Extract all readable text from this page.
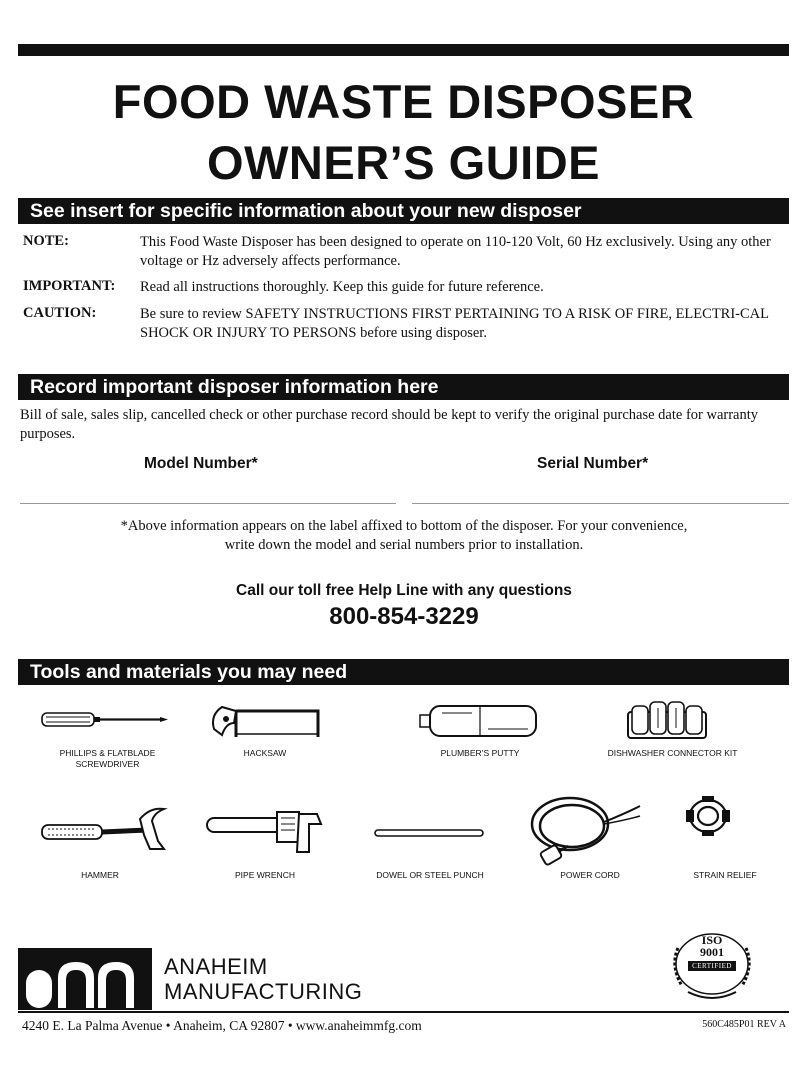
FOOD WASTE DISPOSER
OWNER’S GUIDE
See insert for specific information about your new disposer
NOTE:	This Food Waste Disposer has been designed to operate on 110-120 Volt, 60 Hz exclusively. Using any other voltage or Hz adversely affects performance.
IMPORTANT: Read all instructions thoroughly. Keep this guide for future reference.
CAUTION:	Be sure to review SAFETY INSTRUCTIONS FIRST PERTAINING TO A RISK OF FIRE, ELECTRI-CAL SHOCK OR INJURY TO PERSONS before using disposer.
Record important disposer information here
Bill of sale, sales slip, cancelled check or other purchase record should be kept to verify the original purchase date for warranty purposes.
Model Number*	Serial Number*
*Above information appears on the label affixed to bottom of the disposer. For your convenience,
write down the model and serial numbers prior to installation.
Call our toll free Help Line with any questions
800-854-3229
Tools and materials you may need
PHILLIPS & FLATBLADE SCREWDRIVER
HACKSAW	PLUMBER’S PUTTY	DISHWASHER CONNECTOR KIT
HAMMER	PIPE WRENCH	DOWEL OR STEEL PUNCH	POWER CORD	STRAIN RELIEF
ANAHEIM
MANUFACTURING
ISO
9001
CERTIFIED
4240 E. La Palma Avenue • Anaheim, CA 92807 • www.anaheimmfg.com	560C485P01 REV A
